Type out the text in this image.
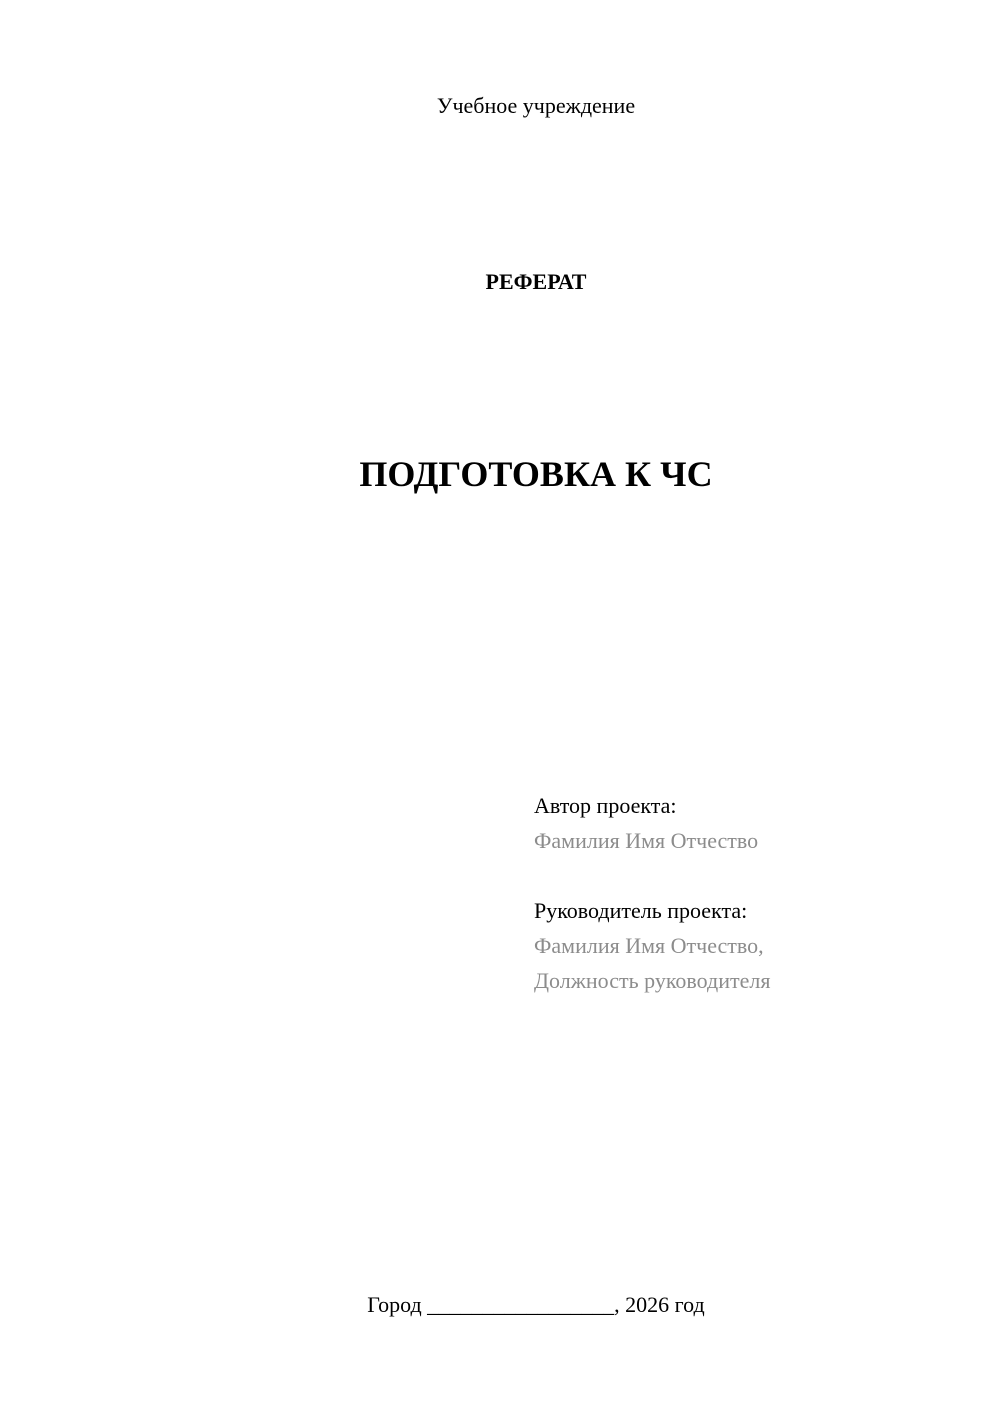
Учебное учреждение
РЕФЕРАТ
ПОДГОТОВКА К ЧС
Автор проекта:
Фамилия Имя Отчество
Руководитель проекта:
Фамилия Имя Отчество,
Должность руководителя
Город _________________, 2026 год
